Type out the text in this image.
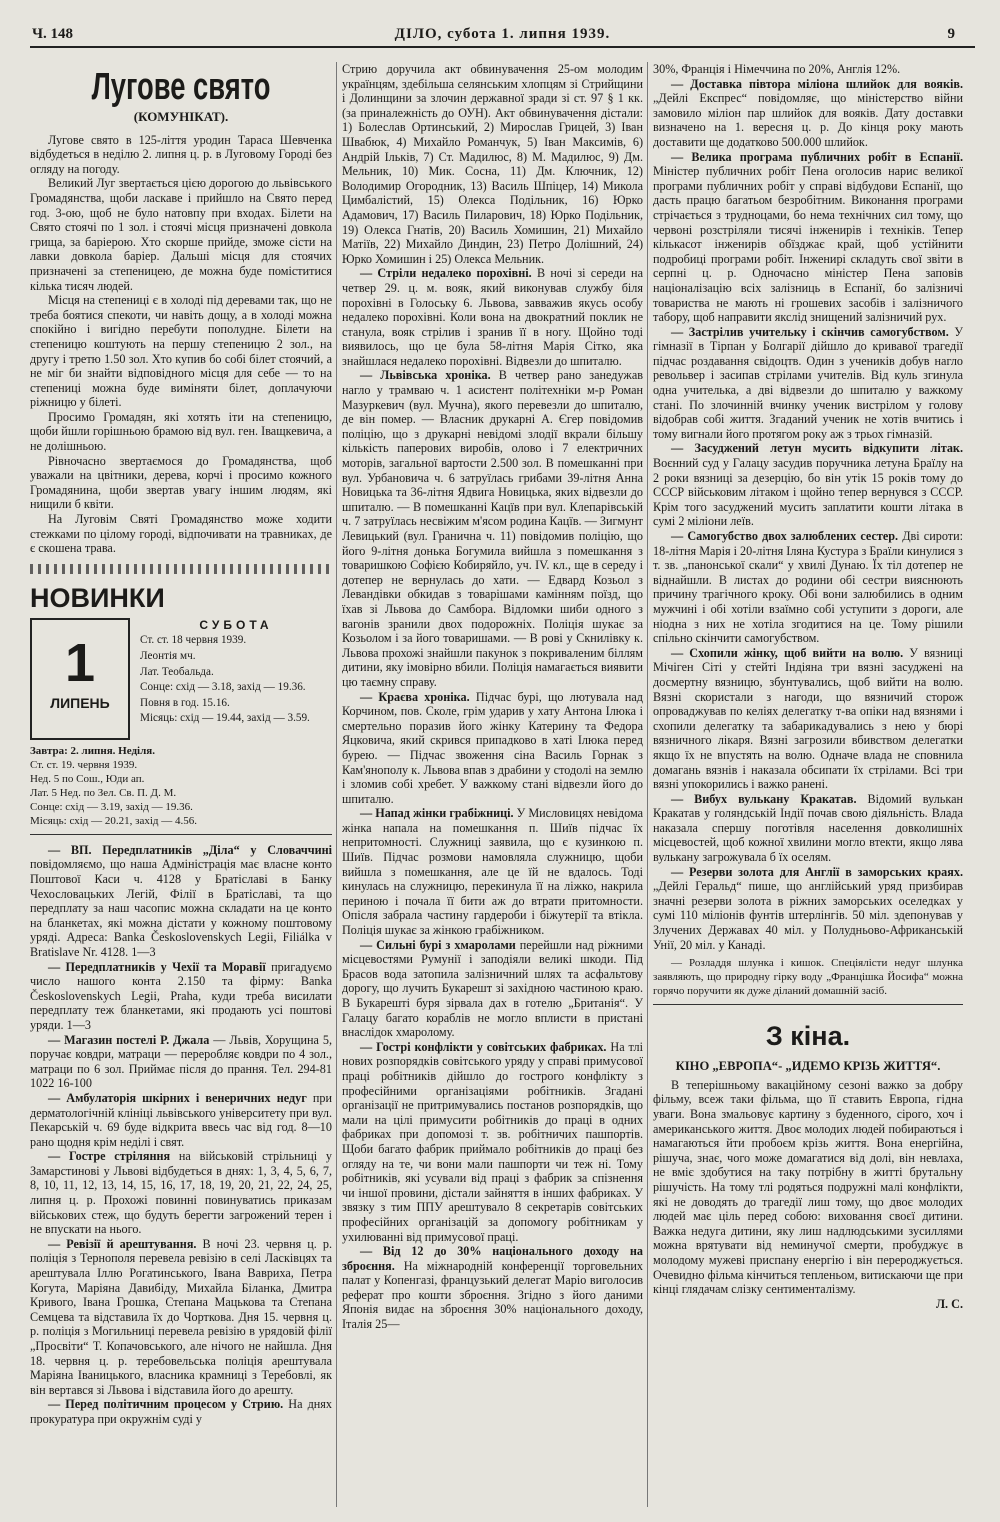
Ч. 148	ДІЛО, субота 1. липня 1939.	9
Лугове свято
(КОМУНІКАТ).

Лугове свято в 125-ліття уродин Тараса Шевченка відбудеться в неділю 2. липня ц. р. в Луговому Городі без огляду на погоду.

Великий Луг звертається цією дорогою до львівського Громадянства, щоби ласкаве і прийшло на Свято перед год. 3-ою, щоб не було натовпу при входах. Білети на Свято стоячі по 1 зол. і стоячі місця призначені довкола грища, за баріерою. Хто скорше прийде, зможе сісти на лавки довкола баріер. Дальші місця для стоячих призначені за степеницею, де можна буде поміститися кілька тисяч людей.

Місця на степениці є в холоді під деревами так, що не треба боятися спекоти, чи навіть дощу, а в холоді можна спокійно і вигідно перебути пополудне. Білети на степеницю коштують на першу степеницю 2 зол., на другу і третю 1.50 зол. Хто купив бо собі білет стоячий, а не міг би знайти відповідного місця для себе — то на степениці можна буде виміняти білет, доплачуючи ріжницю у білеті.

Просимо Громадян, які хотять іти на степеницю, щоби йшли горішньою брамою від вул. ген. Іващкевича, а не долішньою.

Рівночасно звертаємося до Громадянства, щоб уважали на цвітники, дерева, корчі і просимо кожного Громадянина, щоби звертав увагу іншим людям, які нищили б квіти.

На Луговім Святі Громадянство може ходити стежками по цілому городі, відпочивати на травниках, де є скошена трава.

НОВИНКИ
1
ЛИПЕНЬ
СУБОТА
Ст. ст. 18 червня 1939.
Леонтія мч.
Лат. Теобальда.
Сонце: схід — 3.18, захід — 19.36.
Повня в год. 15.16.
Місяць: схід — 19.44, захід — 3.59.

Завтра: 2. липня. Неділя.

Ст. ст. 19. червня 1939.

Нед. 5 по Сош., Юди ап.

Лат. 5 Нед. по Зел. Св. П. Д. М.

Сонце: схід — 3.19, захід — 19.36.

Місяць: схід — 20.21, захід — 4.56.

— ВП. Передплатників „Діла“ у Словаччині повідомляємо, що наша Адміністрація має власне конто Поштової Каси ч. 4128 у Братіславі в Банку Чехословацьких Легій, Філії в Братіславі, та що передплату за наш часопис можна складати на це конто на бланкетах, які можна дістати у кожному поштовому уряді. Адреса: Banka Československych Legii, Filiálka v Bratislave Nr. 4128. 1—3

— Передплатників у Чехії та Моравії пригадуємо число нашого конта 2.150 та фірму: Banka Československych Legii, Praha, куди треба висилати передплату теж бланкетами, які продають усі поштові уряди. 1—3

— Магазин постелі Р. Джала — Львів, Хорущина 5, поручає ковдри, матраци — переробляє ковдри по 4 зол., матраци по 6 зол. Приймає після до прання. Тел. 294-81 1022 16-100

— Амбулаторія шкірних і венеричних недуг при дерматологічній клініці львівського університету при вул. Пекарській ч. 69 буде відкрита ввесь час від год. 8—10 рано щодня крім неділі і свят.

— Гостре стріляння на військовій стрільниці у Замарстинові у Львові відбудеться в днях: 1, 3, 4, 5, 6, 7, 8, 10, 11, 12, 13, 14, 15, 16, 17, 18, 19, 20, 21, 22, 24, 25, липня ц. р. Прохожі повинні повинуватись приказам військових стеж, що будуть берегти загрожений терен і не впускати на нього.

— Ревізії й арештування. В ночі 23. червня ц. р. поліція з Тернополя перевела ревізію в селі Ласківцях та арештувала Іллю Рогатинського, Івана Вавриха, Петра Когута, Маріяна Давибіду, Михайла Біланка, Дмитра Кривого, Івана Грошка, Степана Мацькова та Степана Семцева та відставила їх до Чорткова. Дня 15. червня ц. р. поліція з Могильниці перевела ревізію в урядовій філії „Просвіти“ Т. Копачовського, але нічого не найшла. Дня 18. червня ц. р. теребовельська поліція арештувала Маріяна Іваницького, власника крамниці з Теребовлі, як він вертався зі Львова і відставила його до арешту.

— Перед політичним процесом у Стрию. На днях прокуратура при окружнім суді у

Стрию доручила акт обвинувачення 25-ом молодим українцям, здебільша селянським хлопцям зі Стрийщини і Долинщини за злочин державної зради зі ст. 97 § 1 кк. (за приналежність до ОУН). Акт обвинувачення дістали: 1) Болеслав Ортинський, 2) Мирослав Грицей, 3) Іван Швабюк, 4) Михайло Романчук, 5) Іван Максимів, 6) Андрій Ільків, 7) Ст. Мадилюс, 8) М. Мадилюс, 9) Дм. Мельник, 10) Мик. Сосна, 11) Дм. Ключник, 12) Володимир Огородник, 13) Василь Шпіцер, 14) Микола Цимбалістий, 15) Олекса Подільник, 16) Юрко Адамович, 17) Василь Пиларович, 18) Юрко Подільник, 19) Олекса Гнатів, 20) Василь Хомишин, 21) Михайло Матіїв, 22) Михайло Диндин, 23) Петро Долішний, 24) Юрко Хомишин і 25) Олекса Мельник.

— Стріли недалеко порохівні. В ночі зі середи на четвер 29. ц. м. вояк, який виконував службу біля порохівні в Голоську 6. Львова, завважив якусь особу недалеко порохівні. Коли вона на двократний поклик не станула, вояк стрілив і зранив її в ногу. Щойно тоді виявилось, що це була 58-літня Марія Сітко, яка знайшлася недалеко порохівні. Відвезли до шпиталю.

— Львівська хроніка. В четвер рано занедужав нагло у трамваю ч. 1 асистент політехніки м-р Роман Мазуркевич (вул. Мучна), якого перевезли до шпиталю, де він помер. — Власник друкарні А. Єгер повідомив поліцію, що з друкарні невідомі злодії вкрали більшу кількість паперових виробів, олово і 7 електричних моторів, загальної вартости 2.500 зол. В помешканні при вул. Урбановича ч. 6 затруїлась грибами 39-літня Анна Новицька та 36-літня Ядвига Новицька, яких відвезли до шпиталю. — В помешканні Кацїв при вул. Клепарівській ч. 7 затруїлась несвіжим м'ясом родина Кацїв. — Зигмунт Левицький (вул. Гранична ч. 11) повідомив поліцію, що його 9-літня донька Богумила вийшла з помешкання з товаришкою Софією Кобиряйло, уч. IV. кл., ще в середу і дотепер не вернулась до хати. — Едвард Козьол з Левандівки обкидав з товарішами камінням поїзд, що їхав зі Львова до Самбора. Відломки шиби одного з вагонів зранили двох подорожніх. Поліція шукає за Козьолом і за його товаришами. — В рові у Скнилівку к. Львова прохожі знайшли пакунок з покриваленим біллям дитини, яку імовірно вбили. Поліція намагається виявити цю таємну справу.

— Краєва хроніка. Підчас бурі, що лютувала над Корчином, пов. Сколе, грім ударив у хату Антона Ілюка і смертельно поразив його жінку Катерину та Федора Яцковича, який скрився припадково в хаті Ілюка перед бурею. — Підчас звоження сіна Василь Горнак з Кам'янополу к. Львова впав з драбини у стодолі на землю і зломив собі хребет. У важкому стані відвезли його до шпиталю.

— Напад жінки грабіжниці. У Мисловицях невідома жінка напала на помешкання п. Шиїв підчас їх непритомності. Служниці заявила, що є кузинкою п. Шиїв. Підчас розмови намовляла служницю, щоби вийшла з помешкання, але це їй не вдалось. Тоді кинулась на служницю, перекинула її на ліжко, накрила периною і почала її бити аж до втрати притомности. Опісля забрала частину гардероби і біжутерії та втікла. Поліція шукає за жінкою грабіжником.

— Сильні бурі з хмаролами перейшли над ріжними місцевостями Румунії і заподіяли великі шкоди. Під Брасов вода затопила залізничний шлях та асфальтову дорогу, що лучить Букарешт зі західною частиною краю. В Букарешті буря зірвала дах в готелю „Британія“. У Галацу багато кораблів не могло вплисти в пристані внаслідок хмаролому.

— Гострі конфлікти у совітських фабриках. На тлі нових розпорядків совітського уряду у справі примусової праці робітників дійшло до гострого конфлікту з професійними організаціями робітників. Згадані організації не притримувались постанов розпорядків, що мали на цілі примусити робітників до праці в одних фабриках при допомозі т. зв. робітничих пашпортів. Щоби багато фабрик приймало робітників до праці без огляду на те, чи вони мали пашпорти чи теж ні. Тому робітників, які усували від праці з фабрик за спізнення чи іншої провини, дістали зайняття в інших фабриках. У звязку з тим ППУ арештувало 8 секретарів совітських професійних організацій за допомогу робітникам у ухилюванні від примусової праці.

— Від 12 до 30% національного доходу на зброєння. На міжнародній конференції торговельних палат у Копенгазі, французький делегат Маріо виголосив реферат про кошти зброєння. Згідно з його даними Японія видає на зброєння 30% національного доходу, Італія 25—

30%, Франція і Німеччина по 20%, Англія 12%.

— Доставка півтора міліона шлийок для вояків. „Дейлі Експрес“ повідомляє, що міністерство війни замовило міліон пар шлийок для вояків. Дату доставки визначено на 1. вересня ц. р. До кінця року мають доставити ще додатково 500.000 шлийок.

— Велика програма публичних робіт в Еспанії. Міністер публичних робіт Пена оголосив нарис великої програми публичних робіт у справі відбудови Еспанії, що дасть працю багатьом безробітним. Виконання програми стрічається з трудноцами, бо нема технічних сил тому, що червоні розстріляли тисячі інженирів і техніків. Тепер кількасот інженирів обїзджає край, щоб устійнити подробиці програми робіт. Інженирі складуть свої звіти в серпні ц. р. Одночасно міністер Пена заповів націоналізацію всіх залізниць в Еспанії, бо залізничі товариства не мають ні грошевих засобів і залізничого табору, щоб направити якслід знищений залізничий рух.

— Застрілив учительку і скінчив самогубством. У гімназії в Тірпан у Болгарії дійшло до кривавої трагедії підчас роздавання свідоцтв. Один з учеників добув нагло револьвер і засипав стрілами учителів. Від куль згинула одна учителька, а дві відвезли до шпиталю у важкому стані. По злочинній вчинку ученик вистрілом у голову відобрав собі життя. Згаданий ученик не хотів вчитись і тому вигнали його протягом року аж з трьох гімназій.

— Засуджений летун мусить відкупити літак. Воєнний суд у Галацу засудив поручника летуна Браїлу на 2 роки вязниці за дезерцію, бо він утік 15 років тому до СССР військовим літаком і щойно тепер вернувся з СССР. Крім того засуджений мусить заплатити кошти літака в сумі 2 міліони леїв.

— Самогубство двох залюблених сестер. Дві сироти: 18-літня Марія і 20-літня Іляна Кустура з Браїли кинулися з т. зв. „панонської скали“ у хвилі Дунаю. Їх тіл дотепер не віднайшли. В листах до родини обі сестри вияснюють причину трагічного кроку. Обі вони залюбились в одним мужчині і обі хотіли взаїмно собі уступити з дороги, але ніодна з них не хотіла згодитися на це. Тому рішили спільно скінчити самогубством.

— Схопили жінку, щоб вийти на волю. У вязниці Мічіген Сіті у стейті Індіяна три вязні засуджені на досмертну вязницю, збунтувались, щоб вийти на волю. Вязні скористали з нагоди, що вязничий сторож опроваджував по келіях делегатку т-ва опіки над вязнями і схопили делегатку та забарикадувались з нею у бюрі вязничного лікаря. Вязні загрозили вбивством делегатки якщо їх не впустять на волю. Одначе влада не сповнила домагань вязнів і наказала обсипати їх стрілами. Всі три вязні упокорились і важко ранені.

— Вибух вулькану Кракатав. Відомий вулькан Кракатав у голяндській Індії почав свою діяльність. Влада наказала спершу поготівля населення довколишніх місцевостей, щоб кожної хвилини могло втекти, якщо лява вулькану загрожувала б їх оселям.

— Резерви золота для Англії в заморських краях. „Дейлі Геральд“ пише, що англійський уряд призбирав значні резерви золота в ріжних заморських оселедках у сумі 110 міліонів фунтів штерлінгів. 50 міл. здепонував у Злучених Державах 40 міл. у Полудньово-Африканській Унії, 20 міл. у Канаді.

— Розладдя шлунка і кишок. Спеціялісти недуг шлунка заявляють, що природну гірку воду „Францішка Йосифа“ можна горячо поручити як дуже діланий домашній засіб.

З кіна.
КІНО „ЕВРОПА“- „ИДЕМО КРІЗЬ ЖИТТЯ“.

В теперішньому вакаційному сезоні важко за добру фільму, всеж таки фільма, що її ставить Европа, гідна уваги. Вона змальовує картину з буденного, сірого, хоч і американського життя. Двоє молодих людей побираються і намагаються йти пробоєм крізь життя. Вона енергійна, рішуча, знає, чого може домагатися від долі, він невлаха, не вміє здобутися на таку потрібну в житті брутальну рішучість. На тому тлі родяться подружні малі конфлікти, які не доводять до трагедії лиш тому, що двоє молодих людей має ціль перед собою: виховання своєї дитини. Важка недуга дитини, яку лиш надлюдськими зусиллями можна врятувати від неминучої смерти, пробуджує в молодому мужеві приспану енергію і він перероджується. Очевидно фільма кінчиться тепленьом, витискаючи ще при кінці глядачам слізку сентименталізму.

Л. С.
